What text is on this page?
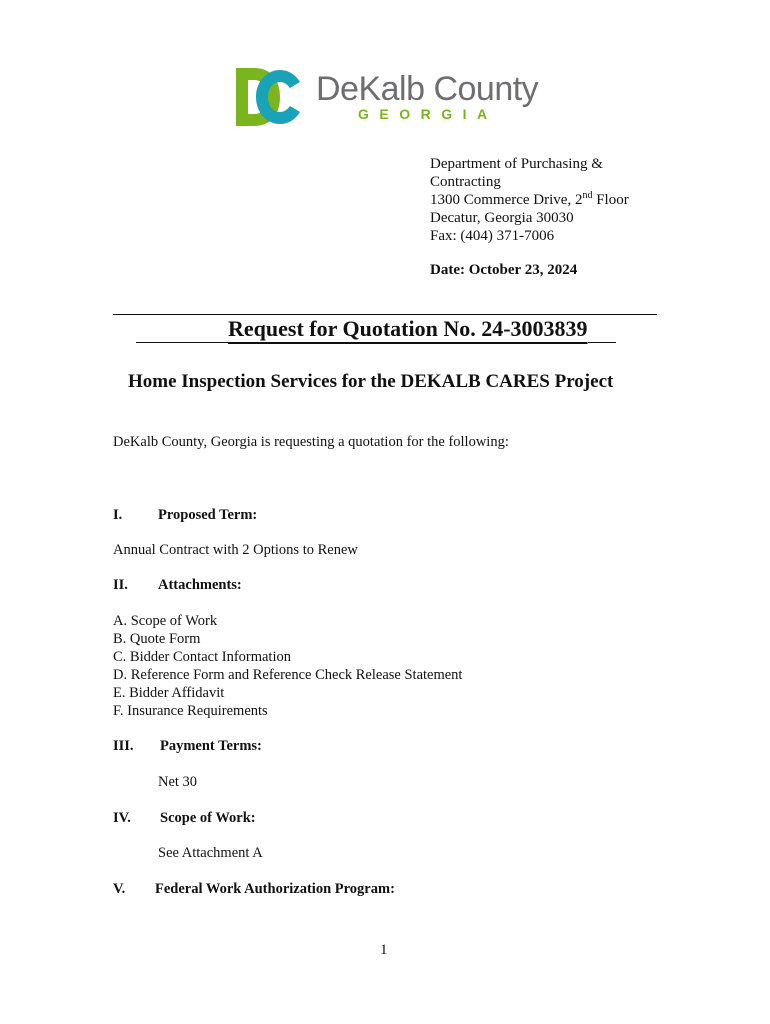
DeKalb County
GEORGIA
Department of Purchasing &
Contracting
1300 Commerce Drive, 2nd Floor
Decatur, Georgia 30030
Fax: (404) 371-7006
Date: October 23, 2024
Request for Quotation No. 24-3003839
Home Inspection Services for the DEKALB CARES Project
DeKalb County, Georgia is requesting a quotation for the following:
I. Proposed Term:
Annual Contract with 2 Options to Renew
II. Attachments:
A. Scope of Work
B. Quote Form
C. Bidder Contact Information
D. Reference Form and Reference Check Release Statement
E. Bidder Affidavit
F. Insurance Requirements
III. Payment Terms:
Net 30
IV. Scope of Work:
See Attachment A
V. Federal Work Authorization Program:
1
